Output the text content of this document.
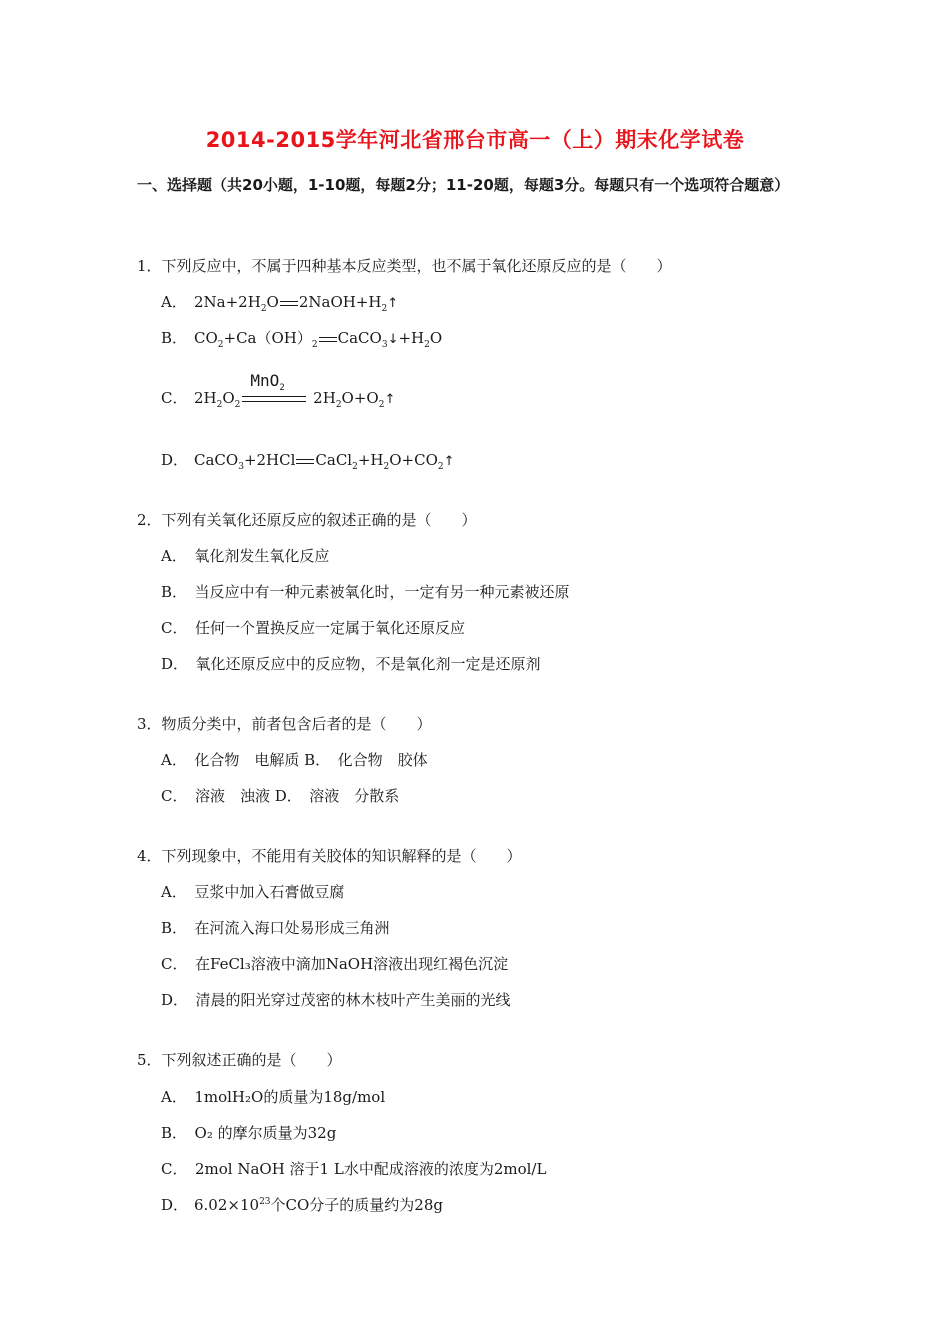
2014-2015学年河北省邢台市高一（上）期末化学试卷
一、选择题（共20小题，1-10题，每题2分；11-20题，每题3分。每题只有一个选项符合题意）
1．下列反应中，不属于四种基本反应类型，也不属于氧化还原反应的是（　　）
A． $2Na+2H_2O$ $2NaOH+H_2↑$
B． $CO_2+Ca(OH)_2$ $CaCO_3↓+H_2O$
C． $2H_2O_2$
MnO$_2$
$2H_2O+O_2↑$
D． CaCO$_3$+2HCl $CaCl_2+H_2O+CO_2↑$
2．下列有关氧化还原反应的叙述正确的是（　　）
A．　氧化剂发生氧化反应
B．　当反应中有一种元素被氧化时，一定有另一种元素被还原
C．　任何一个置换反应一定属于氧化还原反应
D．　氧化还原反应中的反应物，不是氧化剂一定是还原剂
3．物质分类中，前者包含后者的是（　　）
A．　化合物　电解质 B．　化合物　胶体
C．　溶液　浊液 D．　溶液　分散系
4．下列现象中，不能用有关胶体的知识解释的是（　　）
A．　豆浆中加入石膏做豆腐
B．　在河流入海口处易形成三角洲
C．　在FeCl₃溶液中滴加NaOH溶液出现红褐色沉淀
D．　清晨的阳光穿过茂密的林木枝叶产生美丽的光线
5．下列叙述正确的是（　　）
A．　1molH₂O的质量为18g/mol
B．　O₂ 的摩尔质量为32g
C．　2mol NaOH 溶于1 L水中配成溶液的浓度为2mol/L
D． $6.02\times 10^{23}$个CO分子的质量约为28g
